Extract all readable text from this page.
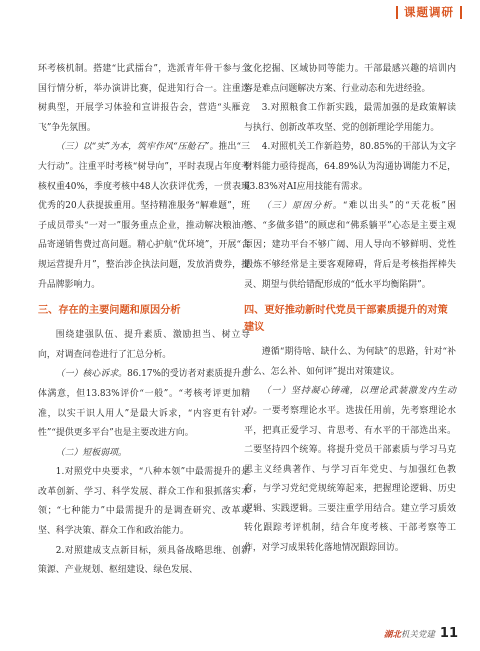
课题调研

环考核机制。搭建“比武擂台”，选派青年骨干参与全国行情分析，举办演讲比赛，促进知行合一。注重选树典型，开展学习体验和宣讲报告会，营造“头雁竞飞”争先氛围。

（三）以“实”为本，筑牢作风“压舱石”。推出“三大行动”。注重平时考核“树导向”，平时表现占年度考核权重40%，季度考核中48人次获评优秀，一贯表现优秀的20人获提拔重用。坚持精准服务“解难题”，班子成员带头“一对一”服务重点企业，推动解决粮油产品寄递销售费过高问题。精心护航“优环境”，开展“合规运营提升月”，整治涉企执法问题，发放消费券，提升品牌影响力。

三、存在的主要问题和原因分析

围绕建强队伍、提升素质、激励担当、树立导向，对调查问卷进行了汇总分析。

（一）核心诉求。86.17%的受访者对素质提升总体满意，但13.83%评价“一般”。“考核考评更加精准，以实干识人用人”是最大诉求，“内容更有针对性”“提供更多平台”也是主要改进方向。

（二）短板弱项。

1.对照党中央要求，“八种本领”中最需提升的是改革创新、学习、科学发展、群众工作和狠抓落实本领；“七种能力”中最需提升的是调查研究、改革攻坚、科学决策、群众工作和政治能力。

2.对照建成支点新目标，须具备战略思维、创新策源、产业规划、枢纽建设、绿色发展、

文化挖掘、区域协同等能力。干部最感兴趣的培训内容是难点问题解决方案、行业动态和先进经验。

3.对照粮食工作新实践，最需加强的是政策解读与执行、创新改革攻坚、党的创新理论学用能力。

4.对照机关工作新趋势，80.85%的干部认为文字材料能力亟待提高，64.89%认为沟通协调能力不足，63.83%对AI应用技能有需求。

（三）原因分析。“难以出头”的“天花板”困惑、“多做多错”的顾虑和“佛系躺平”心态是主要主观原因；建功平台不够广阔、用人导向不够鲜明、党性锻炼不够经常是主要客观障碍，背后是考核指挥棒失灵、期望与供给错配形成的“低水平均衡陷阱”。

四、更好推动新时代党员干部素质提升的对策建议

遵循“期待啥、缺什么、为何缺”的思路，针对“补什么、怎么补、如何评”提出对策建议。

（一）坚持凝心铸魂，以理论武装激发内生动力。一要考察理论水平。选拔任用前，先考察理论水平，把真正爱学习、肯思考、有水平的干部选出来。二要坚持四个统筹。将提升党员干部素质与学习马克思主义经典著作、与学习百年党史、与加强红色教育，与学习党纪党规统筹起来，把握理论逻辑、历史逻辑、实践逻辑。三要注重学用结合。建立学习质效转化跟踪考评机制，结合年度考核、干部考察等工作，对学习成果转化落地情况跟踪回访。

湖北机关党建 11
